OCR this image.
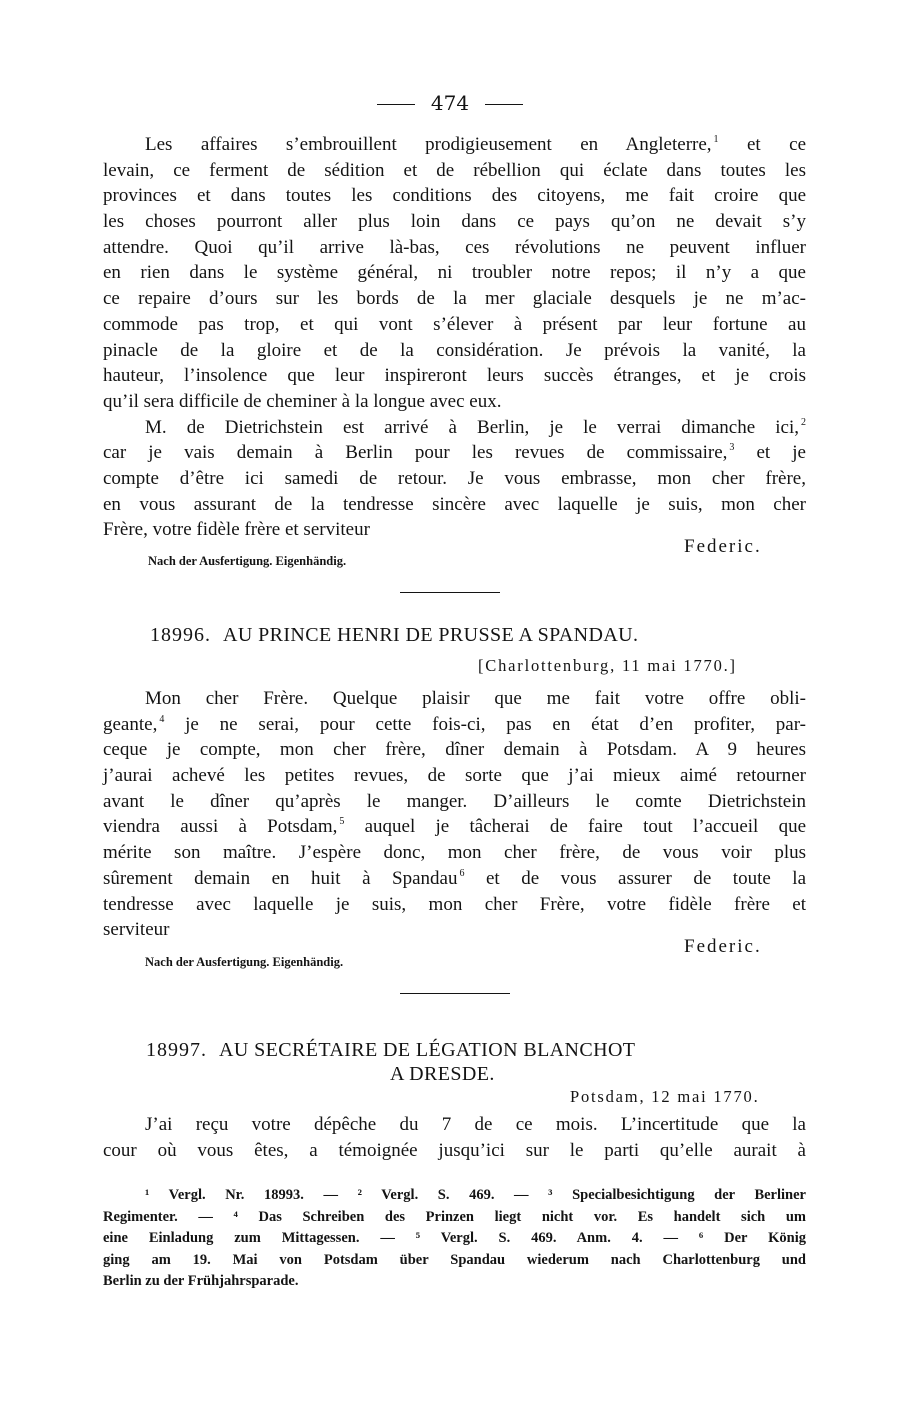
474
Les affaires s’embrouillent prodigieusement en Angleterre, $^1$ et ce
levain, ce ferment de sédition et de rébellion qui éclate dans toutes les
provinces et dans toutes les conditions des citoyens, me fait croire que
les choses pourront aller plus loin dans ce pays qu’on ne devait s’y
attendre. Quoi qu’il arrive là-bas, ces révolutions ne peuvent influer
en rien dans le système général, ni troubler notre repos; il n’y a que
ce repaire d’ours sur les bords de la mer glaciale desquels je ne m’ac-
commode pas trop, et qui vont s’élever à présent par leur fortune au
pinacle de la gloire et de la considération. Je prévois la vanité, la
hauteur, l’insolence que leur inspireront leurs succès étranges, et je crois
qu’il sera difficile de cheminer à la longue avec eux.
M. de Dietrichstein est arrivé à Berlin, je le verrai dimanche ici, $^2$
car je vais demain à Berlin pour les revues de commissaire, $^3$ et je
compte d’être ici samedi de retour. Je vous embrasse, mon cher frère,
en vous assurant de la tendresse sincère avec laquelle je suis, mon cher
Frère, votre fidèle frère et serviteur
Federic.
Nach der Ausfertigung. Eigenhändig.
18996. AU PRINCE HENRI DE PRUSSE A SPANDAU.
[Charlottenburg, 11 mai 1770.]
Mon cher Frère. Quelque plaisir que me fait votre offre obli-
geante, $^4$ je ne serai, pour cette fois-ci, pas en état d’en profiter, par-
ceque je compte, mon cher frère, dîner demain à Potsdam. A 9 heures
j’aurai achevé les petites revues, de sorte que j’ai mieux aimé retourner
avant le dîner qu’après le manger. D’ailleurs le comte Dietrichstein
viendra aussi à Potsdam, $^5$ auquel je tâcherai de faire tout l’accueil que
mérite son maître. J’espère donc, mon cher frère, de vous voir plus
sûrement demain en huit à Spandau $^6$ et de vous assurer de toute la
tendresse avec laquelle je suis, mon cher Frère, votre fidèle frère et
serviteur
Federic.
Nach der Ausfertigung. Eigenhändig.
18997. AU SECRÉTAIRE DE LÉGATION BLANCHOT
A DRESDE.
Potsdam, 12 mai 1770.
J’ai reçu votre dépêche du 7 de ce mois. L’incertitude que la
cour où vous êtes, a témoignée jusqu’ici sur le parti qu’elle aurait à
¹ Vergl. Nr. 18993. — ² Vergl. S. 469. — ³ Specialbesichtigung der Berliner
Regimenter. — ⁴ Das Schreiben des Prinzen liegt nicht vor. Es handelt sich um
eine Einladung zum Mittagessen. — ⁵ Vergl. S. 469. Anm. 4. — ⁶ Der König
ging am 19. Mai von Potsdam über Spandau wiederum nach Charlottenburg und
Berlin zu der Frühjahrsparade.
